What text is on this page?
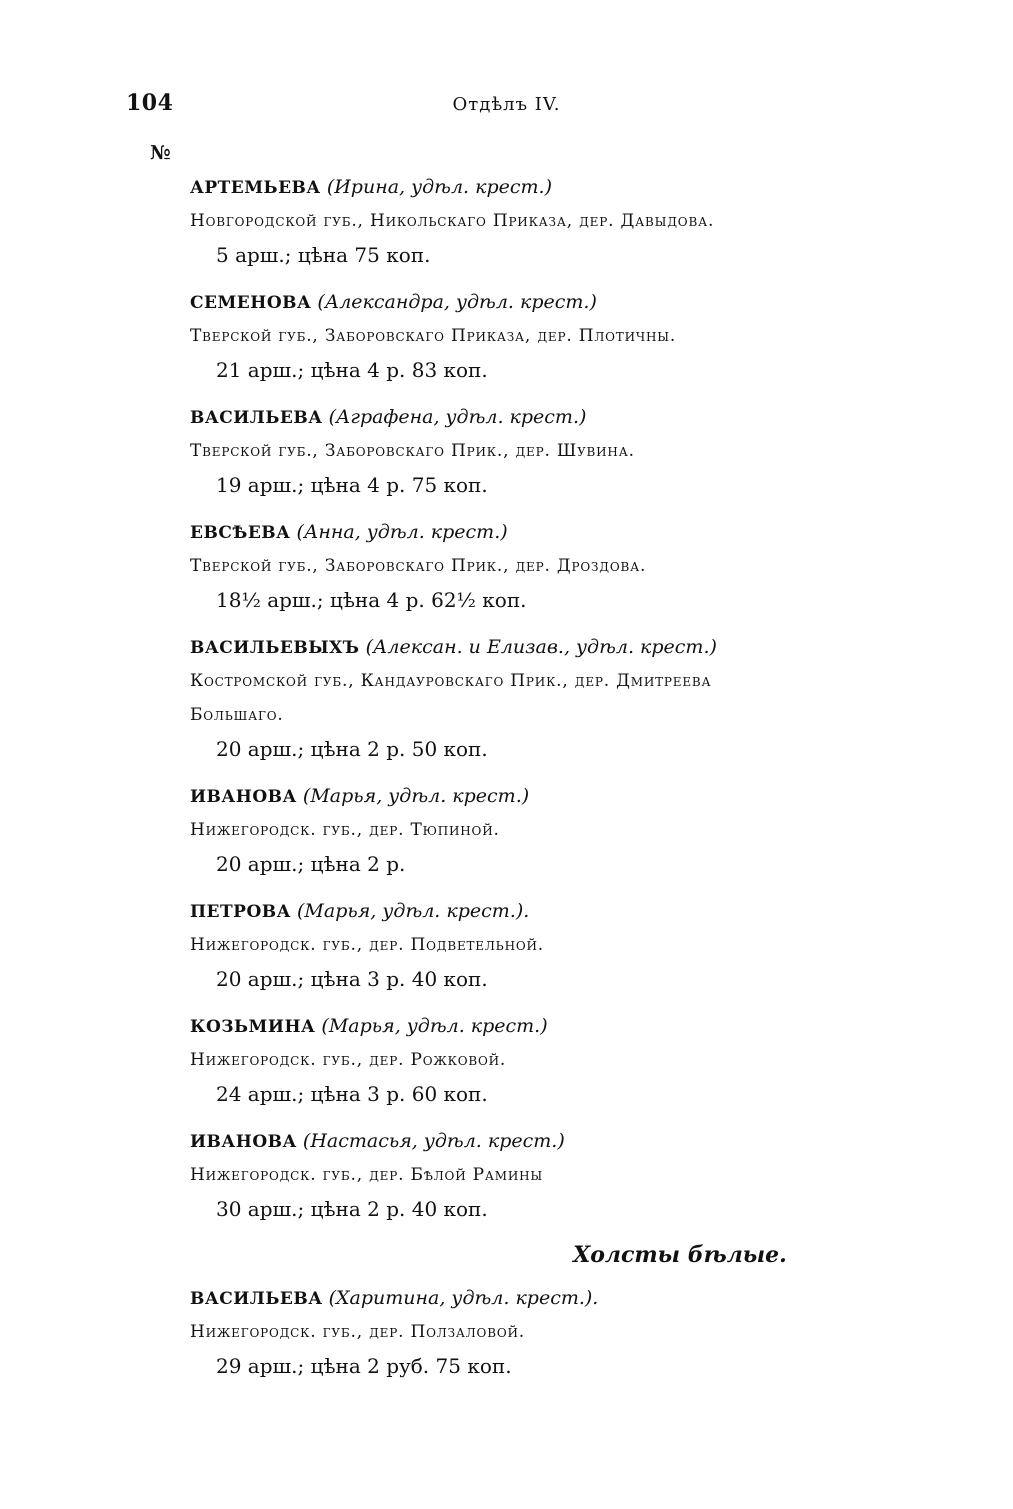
104	Отдѣлъ IV.
№
АРТЕМЬЕВА (Ирина, удѣл. крест.)
Новгородской губ., Никольскаго Приказа, дер. Давыдова.
5 арш.; цѣна 75 коп.
СЕМЕНОВА (Александра, удѣл. крест.)
Тверской губ., Заборовскаго Приказа, дер. Плотичны.
21 арш.; цѣна 4 р. 83 коп.
ВАСИЛЬЕВА (Аграфена, удѣл. крест.)
Тверской губ., Заборовскаго Прик., дер. Шувина.
19 арш.; цѣна 4 р. 75 коп.
ЕВСѢЕВА (Анна, удѣл. крест.)
Тверской губ., Заборовскаго Прик., дер. Дроздова.
18½ арш.; цѣна 4 р. 62½ коп.
ВАСИЛЬЕВЫХЪ (Алексан. и Елизав., удѣл. крест.)
Костромской губ., Кандауровскаго Прик., дер. Дмитреева
Большаго.
20 арш.; цѣна 2 р. 50 коп.
ИВАНОВА (Марья, удѣл. крест.)
Нижегородск. губ., дер. Тюпиной.
20 арш.; цѣна 2 р.
ПЕТРОВА (Марья, удѣл. крест.).
Нижегородск. губ., дер. Подветельной.
20 арш.; цѣна 3 р. 40 коп.
КОЗЬМИНА (Марья, удѣл. крест.)
Нижегородск. губ., дер. Рожковой.
24 арш.; цѣна 3 р. 60 коп.
ИВАНОВА (Настасья, удѣл. крест.)
Нижегородск. губ., дер. Бѣлой Рамины
30 арш.; цѣна 2 р. 40 коп.
Холсты бѣлые.
ВАСИЛЬЕВА (Харитина, удѣл. крест.).
Нижегородск. губ., дер. Ползаловой.
29 арш.; цѣна 2 руб. 75 коп.
